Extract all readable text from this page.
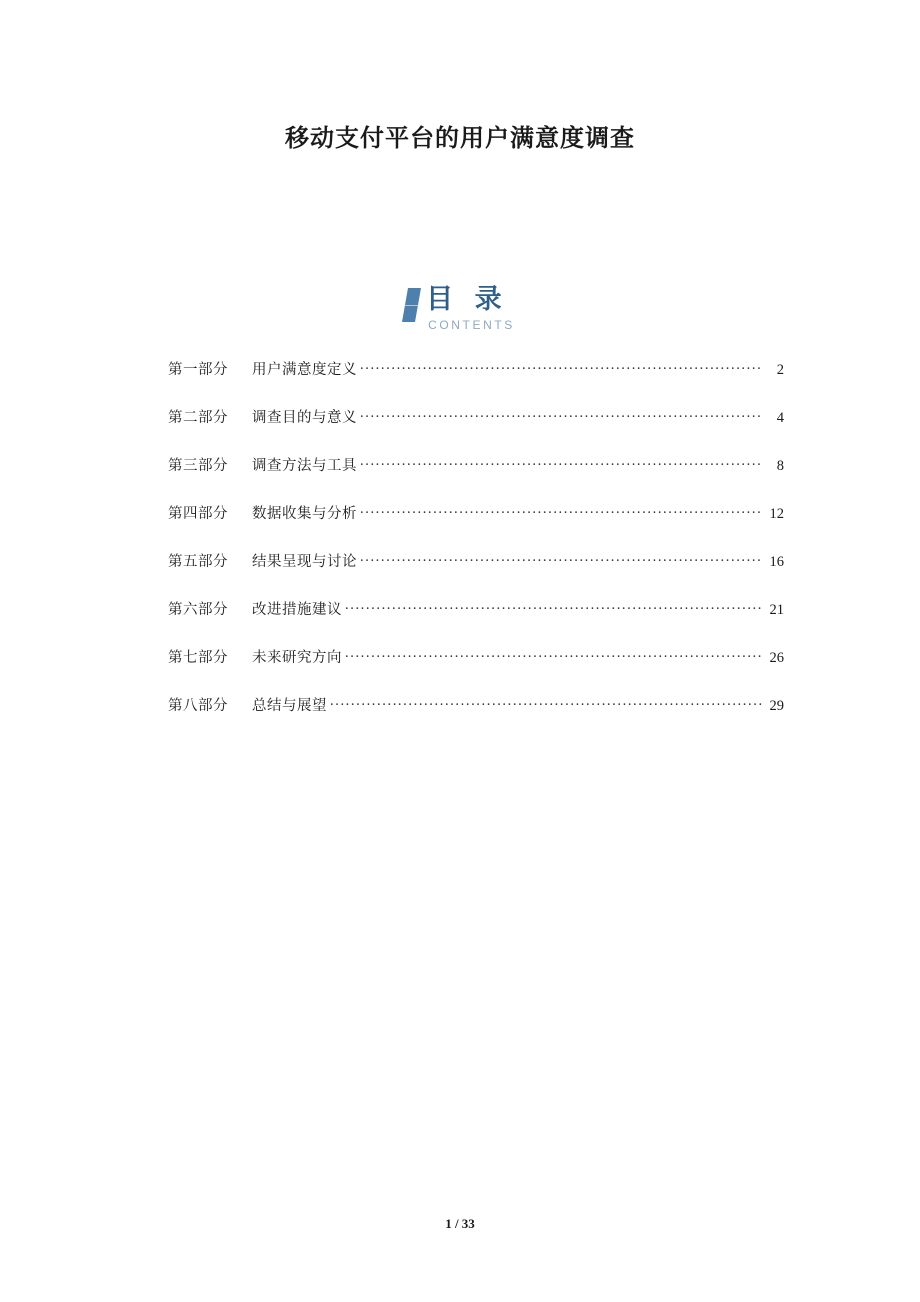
移动支付平台的用户满意度调查
目 录
CONTENTS
第一部分	用户满意度定义 .....	2
第二部分	调查目的与意义 .....	4
第三部分	调查方法与工具 .....	8
第四部分	数据收集与分析 .....	12
第五部分	结果呈现与讨论 .....	16
第六部分	改进措施建议 .....	21
第七部分	未来研究方向 .....	26
第八部分	总结与展望 .....	29
1 / 33
